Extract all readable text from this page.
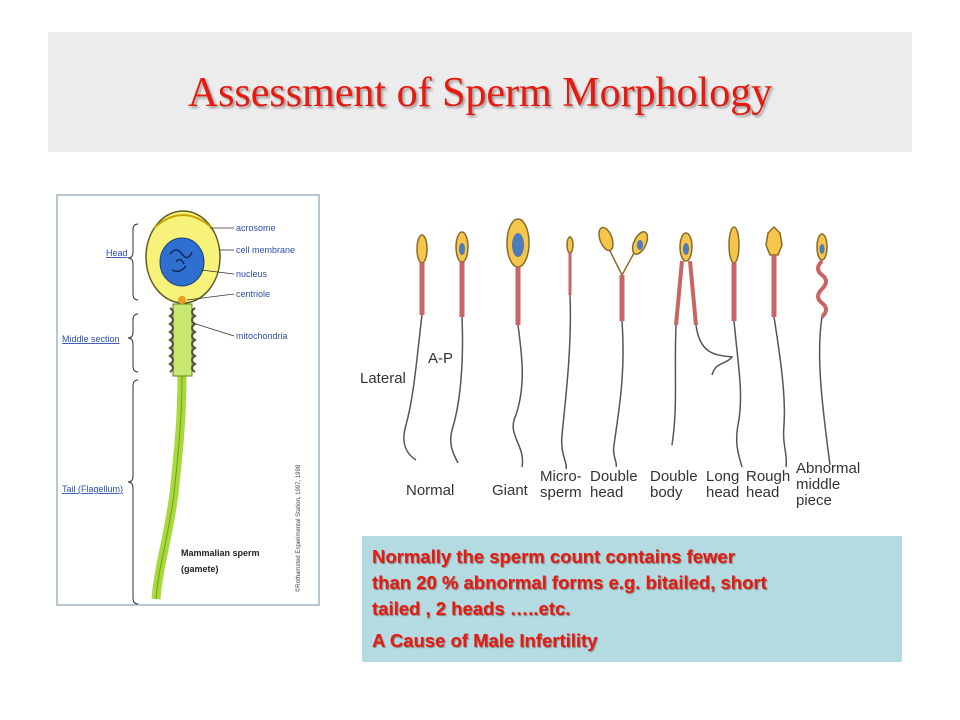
Assessment of Sperm Morphology
Head
Middle section
Tail (Flagellum)
acrosome
cell membrane
nucleus
centriole
mitochondria
Mammalian sperm
(gamete)	©Rothamsted Experimental Station, 1997, 1998
Lateral
A-P
Normal	Giant
Micro-sperm
Double head
Double body
Long head
Rough head
Abnormal middle piece
Normally the sperm count contains fewer
than 20 % abnormal forms e.g. bitailed, short
tailed , 2 heads …..etc.
A Cause of Male Infertility
